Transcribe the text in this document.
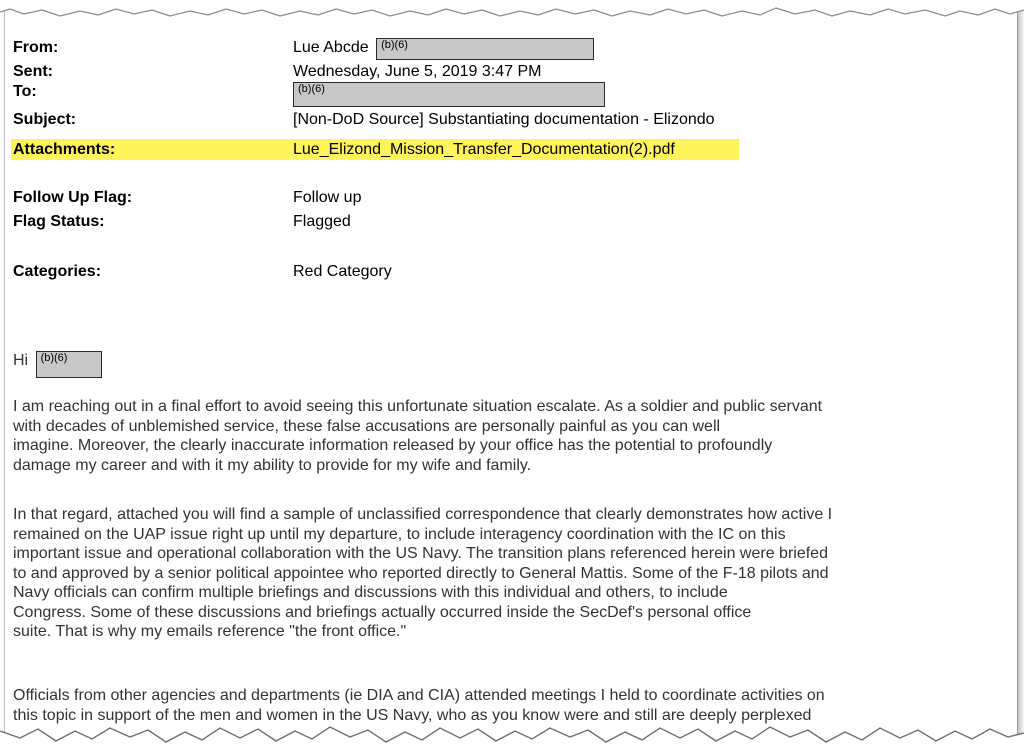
From:	Lue Abcde (b)(6)
Sent:	Wednesday, June 5, 2019 3:47 PM
To:	(b)(6)
Subject:	[Non-DoD Source] Substantiating documentation - Elizondo
Attachments:	Lue_Elizond_Mission_Transfer_Documentation(2).pdf
Follow Up Flag:	Follow up
Flag Status:	Flagged
Categories:	Red Category
Hi (b)(6)
I am reaching out in a final effort to avoid seeing this unfortunate situation escalate. As a soldier and public servant
with decades of unblemished service, these false accusations are personally painful as you can well
imagine. Moreover, the clearly inaccurate information released by your office has the potential to profoundly
damage my career and with it my ability to provide for my wife and family.
In that regard, attached you will find a sample of unclassified correspondence that clearly demonstrates how active I
remained on the UAP issue right up until my departure, to include interagency coordination with the IC on this
important issue and operational collaboration with the US Navy. The transition plans referenced herein were briefed
to and approved by a senior political appointee who reported directly to General Mattis. Some of the F-18 pilots and
Navy officials can confirm multiple briefings and discussions with this individual and others, to include
Congress. Some of these discussions and briefings actually occurred inside the SecDef's personal office
suite. That is why my emails reference "the front office."
Officials from other agencies and departments (ie DIA and CIA) attended meetings I held to coordinate activities on
this topic in support of the men and women in the US Navy, who as you know were and still are deeply perplexed
